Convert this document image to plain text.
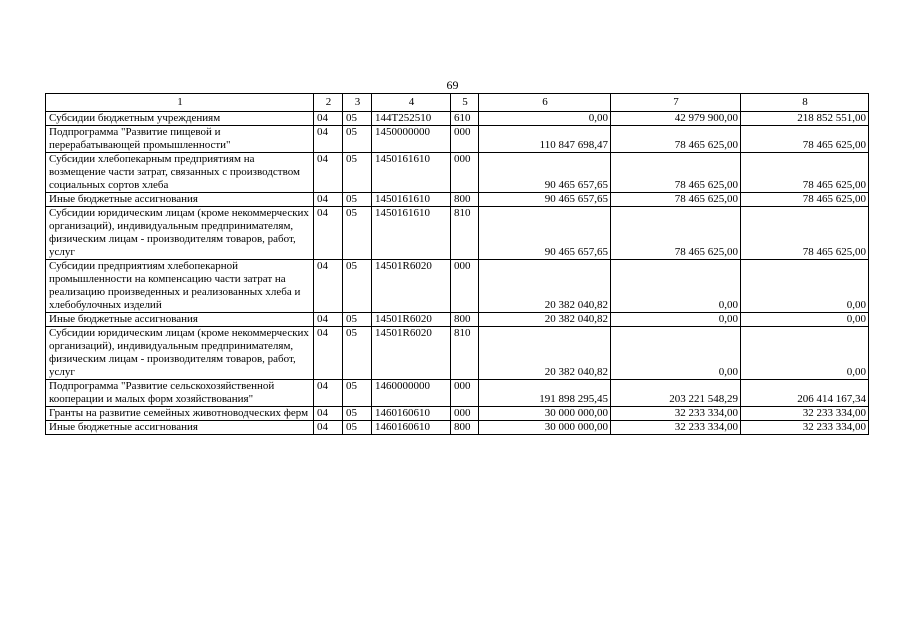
69
1	2	3	4	5	6	7	8
Субсидии бюджетным учреждениям	04	05	144Т252510	610	0,00	42 979 900,00	218 852 551,00
Подпрограмма "Развитие пищевой и перерабатывающей промышленности"	04	05	1450000000	000	110 847 698,47	78 465 625,00	78 465 625,00
Субсидии хлебопекарным предприятиям на возмещение части затрат, связанных с производством социальных сортов хлеба	04	05	1450161610	000	90 465 657,65	78 465 625,00	78 465 625,00
Иные бюджетные ассигнования	04	05	1450161610	800	90 465 657,65	78 465 625,00	78 465 625,00
Субсидии юридическим лицам (кроме некоммерческих организаций), индивидуальным предпринимателям, физическим лицам - производителям товаров, работ, услуг	04	05	1450161610	810	90 465 657,65	78 465 625,00	78 465 625,00
Субсидии предприятиям хлебопекарной промышленности на компенсацию части затрат на реализацию произведенных и реализованных хлеба и хлебобулочных изделий	04	05	14501R6020	000	20 382 040,82	0,00	0,00
Иные бюджетные ассигнования	04	05	14501R6020	800	20 382 040,82	0,00	0,00
Субсидии юридическим лицам (кроме некоммерческих организаций), индивидуальным предпринимателям, физическим лицам - производителям товаров, работ, услуг	04	05	14501R6020	810	20 382 040,82	0,00	0,00
Подпрограмма "Развитие сельскохозяйственной кооперации и малых форм хозяйствования"	04	05	1460000000	000	191 898 295,45	203 221 548,29	206 414 167,34
Гранты на развитие семейных животноводческих ферм	04	05	1460160610	000	30 000 000,00	32 233 334,00	32 233 334,00
Иные бюджетные ассигнования	04	05	1460160610	800	30 000 000,00	32 233 334,00	32 233 334,00
